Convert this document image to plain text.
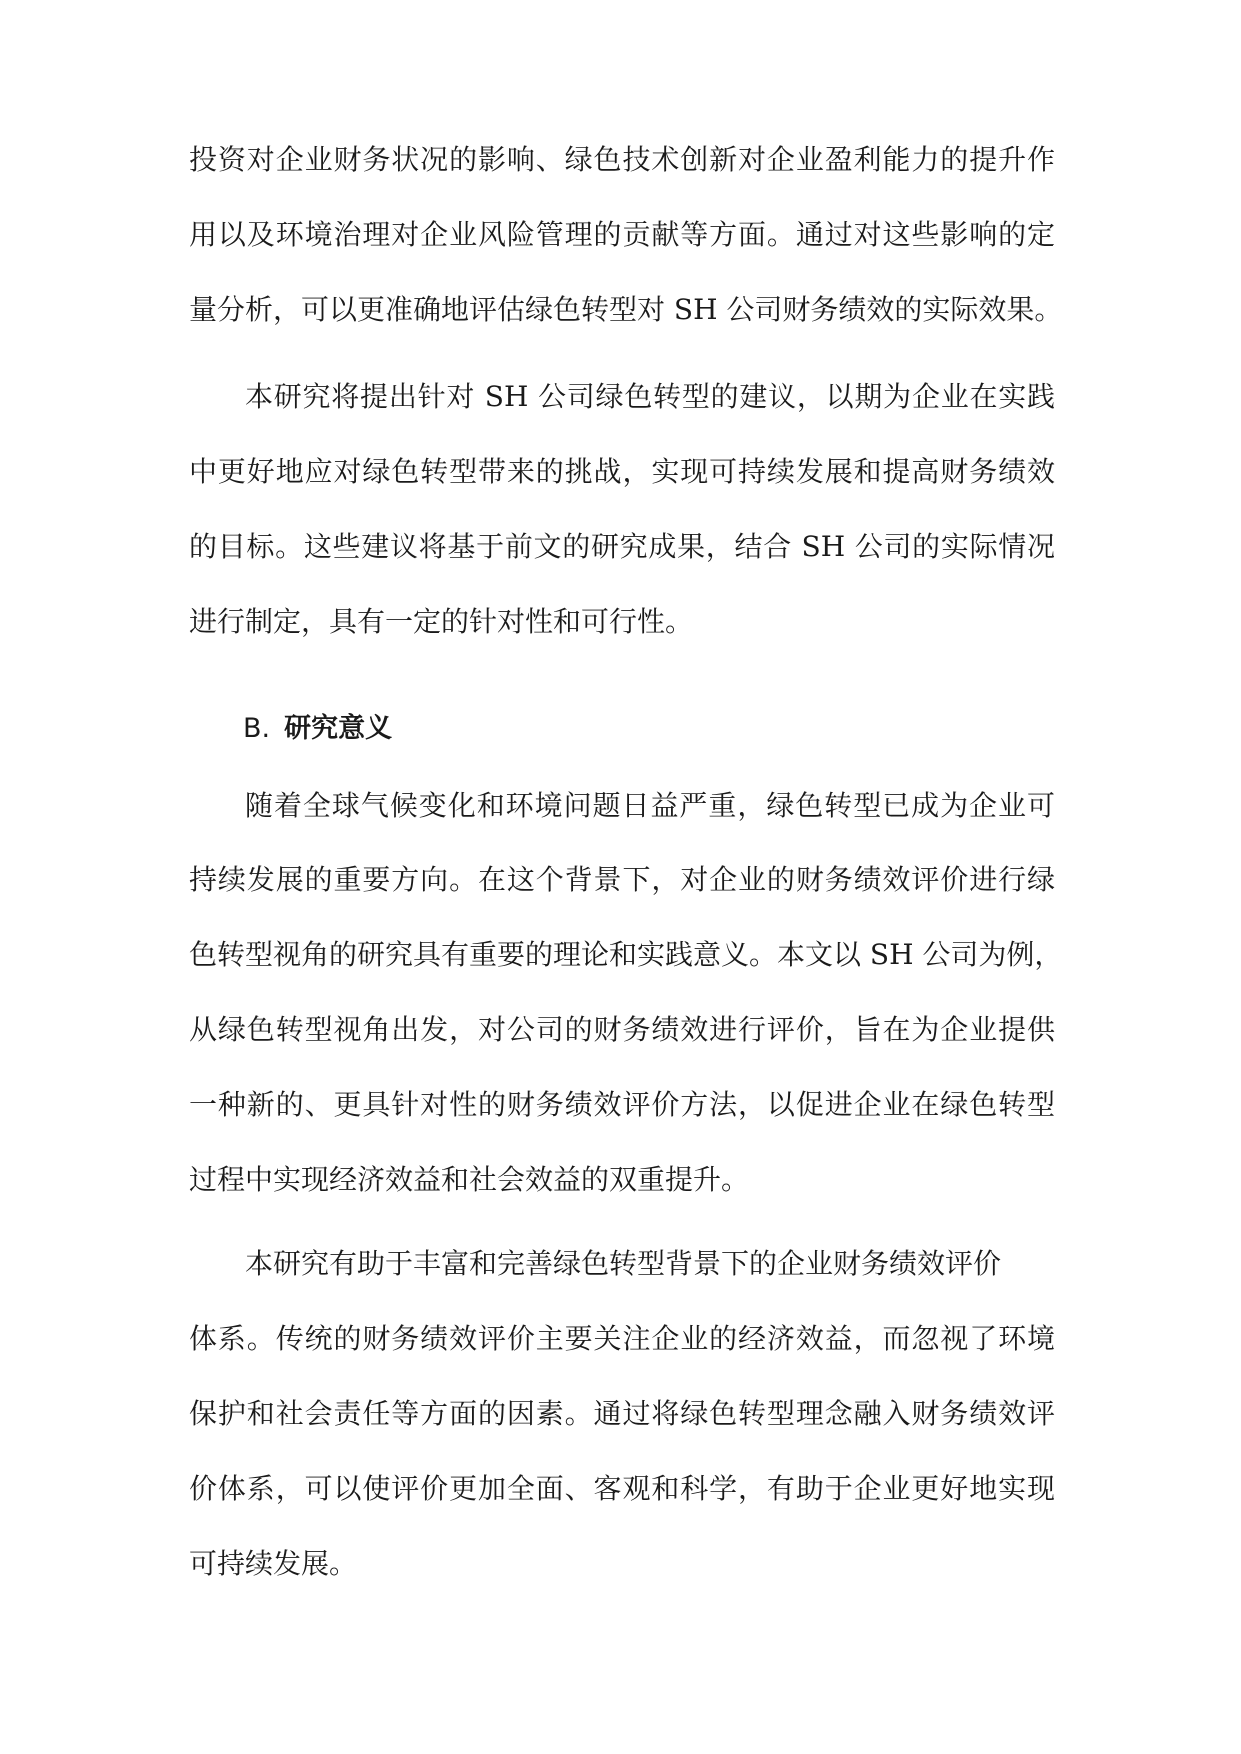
投资对企业财务状况的影响、绿色技术创新对企业盈利能力的提升作

用以及环境治理对企业风险管理的贡献等方面。通过对这些影响的定

量分析，可以更准确地评估绿色转型对 SH 公司财务绩效的实际效果。

本研究将提出针对 SH 公司绿色转型的建议，以期为企业在实践

中更好地应对绿色转型带来的挑战，实现可持续发展和提高财务绩效

的目标。这些建议将基于前文的研究成果，结合 SH 公司的实际情况

进行制定，具有一定的针对性和可行性。

B. 研究意义

随着全球气候变化和环境问题日益严重，绿色转型已成为企业可

持续发展的重要方向。在这个背景下，对企业的财务绩效评价进行绿

色转型视角的研究具有重要的理论和实践意义。本文以 SH 公司为例，

从绿色转型视角出发，对公司的财务绩效进行评价，旨在为企业提供

一种新的、更具针对性的财务绩效评价方法，以促进企业在绿色转型

过程中实现经济效益和社会效益的双重提升。

本研究有助于丰富和完善绿色转型背景下的企业财务绩效评价

体系。传统的财务绩效评价主要关注企业的经济效益，而忽视了环境

保护和社会责任等方面的因素。通过将绿色转型理念融入财务绩效评

价体系，可以使评价更加全面、客观和科学，有助于企业更好地实现

可持续发展。
